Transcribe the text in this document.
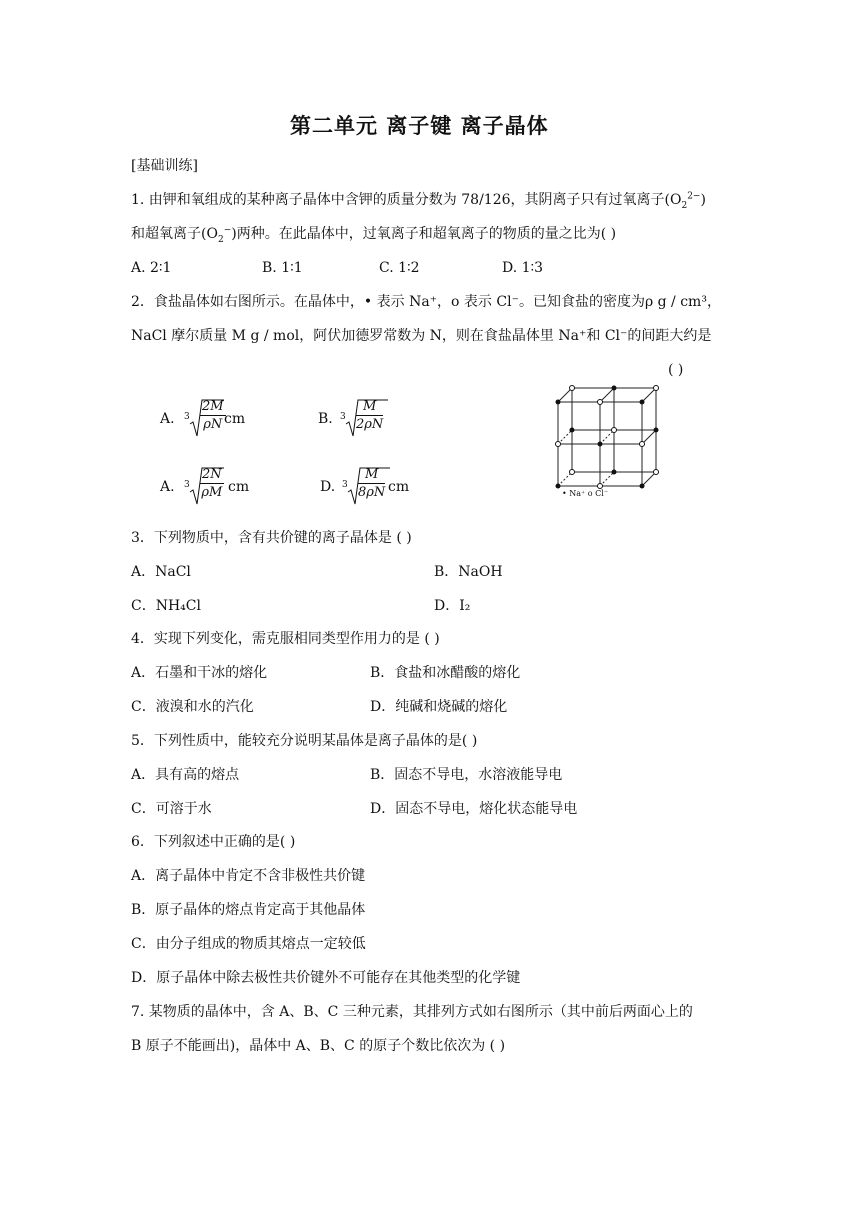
第二单元 离子键 离子晶体
[基础训练]
1. 由钾和氧组成的某种离子晶体中含钾的质量分数为 78/126，其阴离子只有过氧离子$(O_2^{2-})$
和超氧离子$(O_2^-)$两种。在此晶体中，过氧离子和超氧离子的物质的量之比为( )
A. 2∶1	B. 1∶1	C. 1∶2	D. 1∶3
2．食盐晶体如右图所示。在晶体中，• 表示 Na⁺，o 表示 Cl⁻。已知食盐的密度为ρ g / cm³，
NaCl 摩尔质量 M g / mol，阿伏加德罗常数为 N，则在食盐晶体里 Na⁺和 Cl⁻的间距大约是
( )
A. $3 \frac{2M}{\rho N}$
cm	B. $3 \frac{M}{2\rho N}$
A. $3 \frac{2N}{\rho M}$ cm	D. $3 \frac{M}{8\rho N}$ cm	• Na⁺ o Cl⁻
3．下列物质中，含有共价键的离子晶体是 ( )
A．NaCl	B．NaOH
C．NH₄Cl	D．I₂
4．实现下列变化，需克服相同类型作用力的是 ( )
A．石墨和干冰的熔化	B．食盐和冰醋酸的熔化
C．液溴和水的汽化	D．纯碱和烧碱的熔化
5．下列性质中，能较充分说明某晶体是离子晶体的是( )
A．具有高的熔点	B．固态不导电，水溶液能导电
C．可溶于水	D．固态不导电，熔化状态能导电
6．下列叙述中正确的是( )
A．离子晶体中肯定不含非极性共价键
B．原子晶体的熔点肯定高于其他晶体
C．由分子组成的物质其熔点一定较低
D．原子晶体中除去极性共价键外不可能存在其他类型的化学键
7. 某物质的晶体中，含 A、B、C 三种元素，其排列方式如右图所示（其中前后两面心上的
B 原子不能画出)，晶体中 A、B、C 的原子个数比依次为 ( )
